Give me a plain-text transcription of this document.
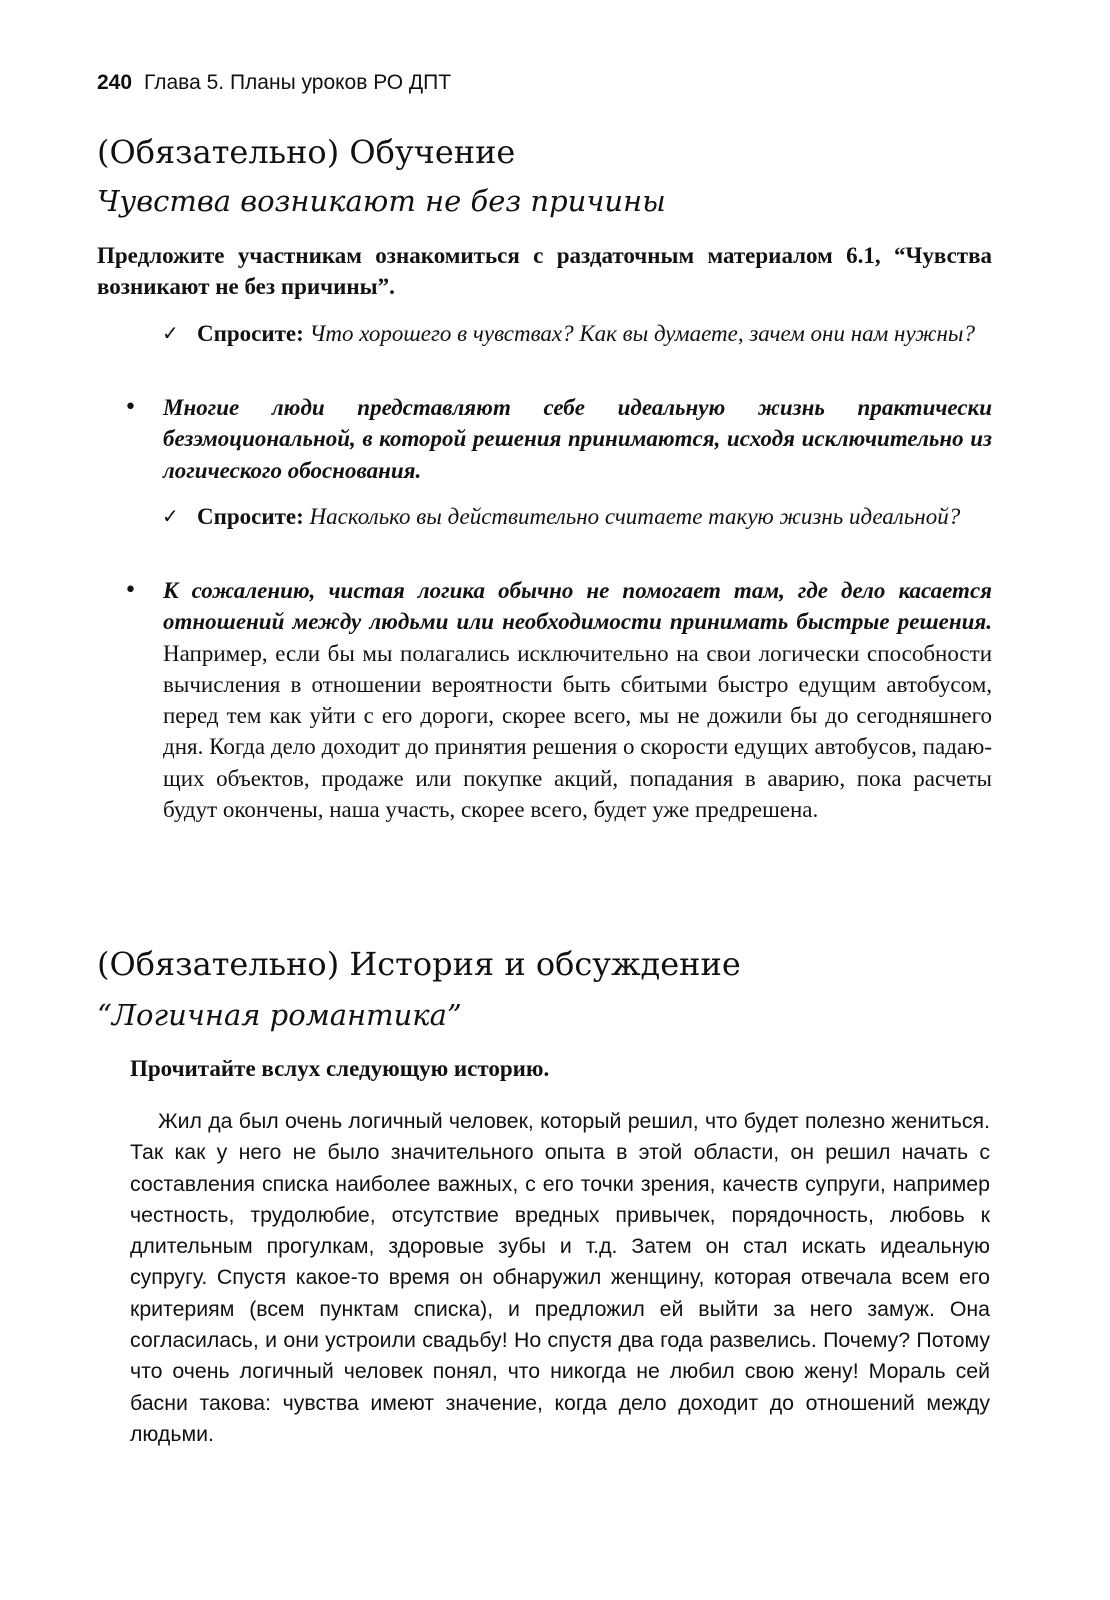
240 Глава 5. Планы уроков РО ДПТ
(Обязательно) Обучение
Чувства возникают не без причины
Предложите участникам ознакомиться с раздаточным материалом 6.1, “Чувства возникают не без причины”.
✓ Спросите: Что хорошего в чувствах? Как вы думаете, зачем они нам нужны?
•	Многие люди представляют себе идеальную жизнь практически безэмоциональной, в которой решения принимаются, исходя исключительно из логического обоснования.
✓ Спросите: Насколько вы действительно считаете такую жизнь идеальной?
•	К сожалению, чистая логика обычно не помогает там, где дело касается отношений между людьми или необходимости принимать быстрые решения. Например, если бы мы полагались исключительно на свои логически способности вычисления в отношении вероятности быть сбитыми быстро едущим автобусом, перед тем как уйти с его дороги, скорее всего, мы не дожили бы до сегодняшнего дня. Когда дело доходит до принятия решения о скорости едущих автобусов, падающих объектов, продаже или покупке акций, попадания в аварию, пока расчеты будут окончены, наша участь, скорее всего, будет уже предрешена.
(Обязательно) История и обсуждение
“Логичная романтика”
Прочитайте вслух следующую историю.
Жил да был очень логичный человек, который решил, что будет полезно жениться. Так как у него не было значительного опыта в этой области, он решил начать с составления списка наиболее важных, с его точки зрения, качеств супруги, например честность, трудолюбие, отсутствие вредных привычек, порядочность, любовь к длительным прогулкам, здоровые зубы и т.д. Затем он стал искать идеальную супругу. Спустя какое-то время он обнаружил женщину, которая отвечала всем его критериям (всем пунктам списка), и предложил ей выйти за него замуж. Она согласилась, и они устроили свадьбу! Но спустя два года развелись. Почему? Потому что очень логичный человек понял, что никогда не любил свою жену! Мораль сей басни такова: чувства имеют значение, когда дело доходит до отношений между людьми.
